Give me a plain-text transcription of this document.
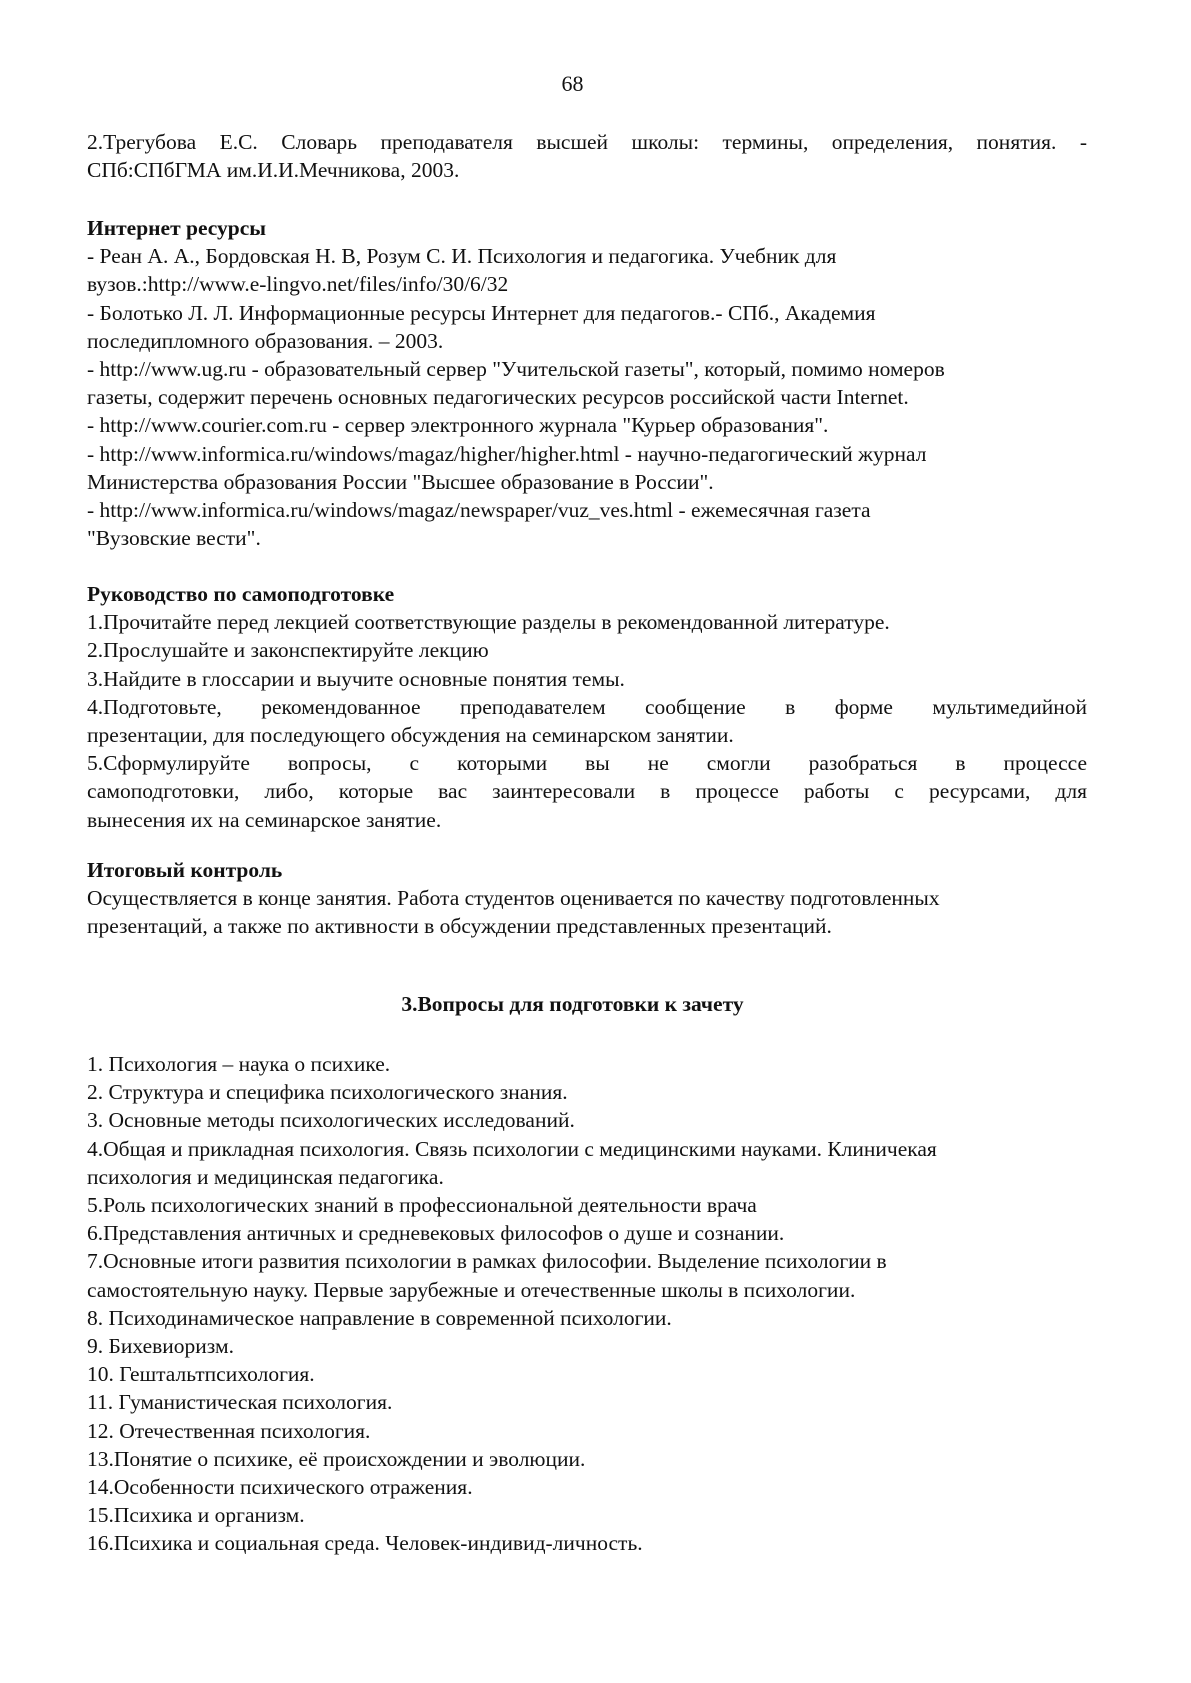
68

2.Трегубова Е.С. Словарь преподавателя высшей школы: термины, определения, понятия. -

СПб:СПбГМА им.И.И.Мечникова, 2003.

Интернет ресурсы

- Реан А. А., Бордовская Н. В, Розум С. И. Психология и педагогика. Учебник для

вузов.:http://www.e-lingvo.net/files/info/30/6/32

- Болотько Л. Л. Информационные ресурсы Интернет для педагогов.- СПб., Академия

последипломного образования. – 2003.

- http://www.ug.ru - образовательный сервер "Учительской газеты", который, помимо номеров

газеты, содержит перечень основных педагогических ресурсов российской части Internet.

- http://www.courier.com.ru - сервер электронного журнала "Курьер образования".

- http://www.informica.ru/windows/magaz/higher/higher.html - научно-педагогический журнал

Министерства образования России "Высшее образование в России".

- http://www.informica.ru/windows/magaz/newspaper/vuz_ves.html - ежемесячная газета

"Вузовские вести".

Руководство по самоподготовке

1.Прочитайте перед лекцией соответствующие разделы в рекомендованной литературе.

2.Прослушайте и законспектируйте лекцию

3.Найдите в глоссарии и выучите основные понятия темы.

4.Подготовьте, рекомендованное преподавателем сообщение в форме мультимедийной

презентации, для последующего обсуждения на семинарском занятии.

5.Сформулируйте вопросы, с которыми вы не смогли разобраться в процессе

самоподготовки, либо, которые вас заинтересовали в процессе работы с ресурсами, для

вынесения их на семинарское занятие.

Итоговый контроль

Осуществляется в конце занятия. Работа студентов оценивается по качеству подготовленных

презентаций, а также по активности в обсуждении представленных презентаций.

3.Вопросы для подготовки к зачету

1. Психология – наука о психике.

2. Структура и специфика психологического знания.

3. Основные методы психологических исследований.

4.Общая и прикладная психология. Связь психологии с медицинскими науками. Клиничекая

психология и медицинская педагогика.

5.Роль психологических знаний в профессиональной деятельности врача

6.Представления античных и средневековых философов о душе и сознании.

7.Основные итоги развития психологии в рамках философии. Выделение психологии в

самостоятельную науку. Первые зарубежные и отечественные школы в психологии.

8. Психодинамическое направление в современной психологии.

9. Бихевиоризм.

10. Гештальтпсихология.

11. Гуманистическая психология.

12. Отечественная психология.

13.Понятие о психике, её происхождении и эволюции.

14.Особенности психического отражения.

15.Психика и организм.

16.Психика и социальная среда. Человек-индивид-личность.
